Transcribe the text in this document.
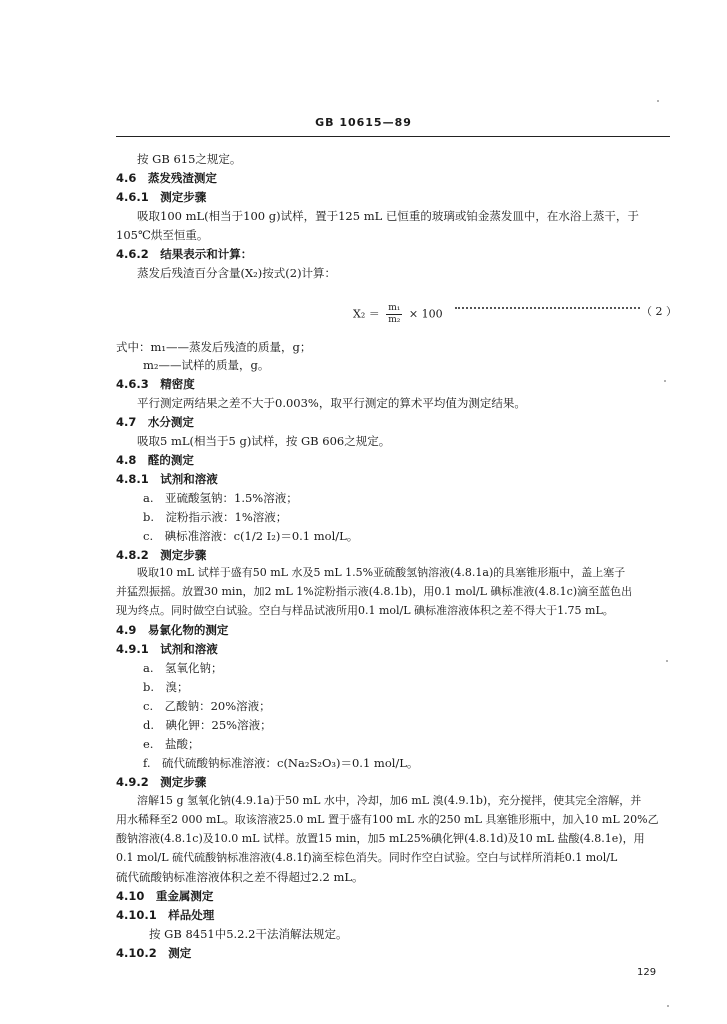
GB 10615—89
按 GB 615之规定。
4.6　蒸发残渣测定
4.6.1　测定步骤
吸取100 mL(相当于100 g)试样，置于125 mL 已恒重的玻璃或铂金蒸发皿中，在水浴上蒸干，于
105℃烘至恒重。
4.6.2　结果表示和计算：
蒸发后残渣百分含量(X₂)按式(2)计算：
$X_2 = \frac{\text{m₁}}{\text{m₂}} \times 100$	（ 2 ）
式中：m₁——蒸发后残渣的质量，g；
m₂——试样的质量，g。
4.6.3　精密度
平行测定两结果之差不大于0.003%，取平行测定的算术平均值为测定结果。
4.7　水分测定
吸取5 mL(相当于5 g)试样，按 GB 606之规定。
4.8　醛的测定
4.8.1　试剂和溶液
a.　亚硫酸氢钠：1.5%溶液；
b.　淀粉指示液：1%溶液；
c.　碘标准溶液：c(1/2 I₂)＝0.1 mol/L。
4.8.2　测定步骤
吸取10 mL 试样于盛有50 mL 水及5 mL 1.5%亚硫酸氢钠溶液(4.8.1a)的具塞锥形瓶中，盖上塞子
并猛烈振摇。放置30 min，加2 mL 1%淀粉指示液(4.8.1b)，用0.1 mol/L 碘标准液(4.8.1c)滴至蓝色出
现为终点。同时做空白试验。空白与样品试液所用0.1 mol/L 碘标准溶液体积之差不得大于1.75 mL。
4.9　易氯化物的测定
4.9.1　试剂和溶液
a.　氢氧化钠；
b.　溴；
c.　乙酸钠：20%溶液；
d.　碘化钾：25%溶液；
e.　盐酸；
f.　硫代硫酸钠标准溶液：c(Na₂S₂O₃)＝0.1 mol/L。
4.9.2　测定步骤
溶解15 g 氢氧化钠(4.9.1a)于50 mL 水中，冷却，加6 mL 溴(4.9.1b)，充分搅拌，使其完全溶解，并
用水稀释至2 000 mL。取该溶液25.0 mL 置于盛有100 mL 水的250 mL 具塞锥形瓶中，加入10 mL 20%乙
酸钠溶液(4.8.1c)及10.0 mL 试样。放置15 min，加5 mL25%碘化钾(4.8.1d)及10 mL 盐酸(4.8.1e)，用
0.1 mol/L 硫代硫酸钠标准溶液(4.8.1f)滴至棕色消失。同时作空白试验。空白与试样所消耗0.1 mol/L
硫代硫酸钠标准溶液体积之差不得超过2.2 mL。
4.10　重金属测定
4.10.1　样品处理
按 GB 8451中5.2.2干法消解法规定。
4.10.2　测定
129
